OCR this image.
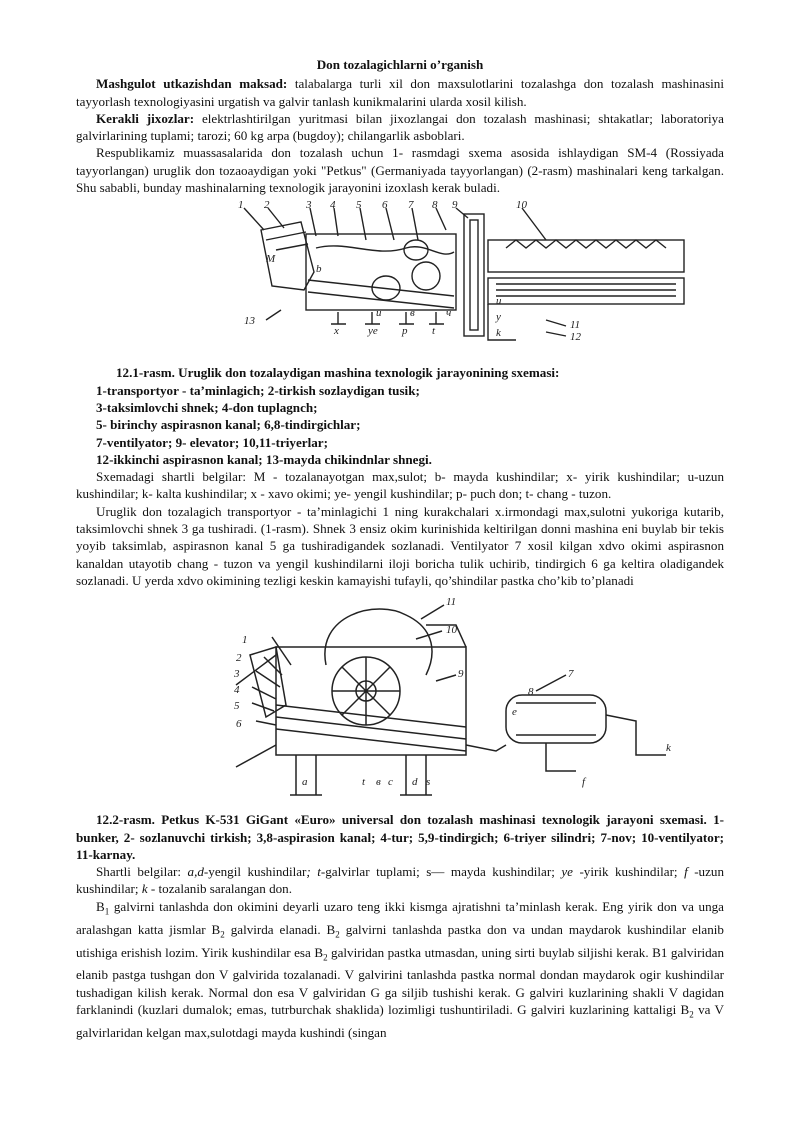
Don tozalagichlarni o’rganish

Mashgulot utkazishdan maksad: talabalarga turli xil don maxsulotlarini tozalashga don tozalash mashinasini tayyorlash texnologiyasini urgatish va galvir tanlash kunikmalarini ularda xosil kilish.

Kerakli jixozlar: elektrlashtirilgan yuritmasi bilan jixozlangai don tozalash mashinasi; shtakatlar; laboratoriya galvirlarining tuplami; tarozi; 60 kg arpa (bugdoy); chilangarlik asboblari.

Respublikamiz muassasalarida don tozalash uchun 1- rasmdagi sxema asosida ishlaydigan SM-4 (Rossiyada tayyorlangan) uruglik don tozaoaydigan yoki "Petkus" (Germaniyada tayyorlangan) (2-rasm) mashinalari keng tarkalgan. Shu sababli, bunday mashinalarning texnologik jarayonini izoxlash kerak buladi.

1 2	3 4 5 6 7 8 9	10
11
12
13
M
x
у
ye	k
p
b
t
u
в	ч
и

12.1-rasm. Uruglik don tozalaydigan mashina texnologik jarayonining sxemasi:

1-transportyor - ta’minlagich; 2-tirkish sozlaydigan tusik;
3-taksimlovchi shnek; 4-don tuplagnch;
5- birinchy aspirasnon kanal; 6,8-tindirgichlar;
7-ventilyator; 9- elevator; 10,11-triyerlar;
12-ikkinchi aspirasnon kanal; 13-mayda chikindnlar shnegi.

Sxemadagi shartli belgilar: M - tozalanayotgan max,sulot; b- mayda kushindilar; x- yirik kushindilar; u-uzun kushindilar; k- kalta kushindilar; x - xavo okimi; ye- yengil kushindilar; p- puch don; t- chang - tuzon.

Uruglik don tozalagich transportyor - ta’minlagichi 1 ning kurakchalari x.irmondagi max,sulotni yukoriga kutarib, taksimlovchi shnek 3 ga tushiradi. (1-rasm). Shnek 3 ensiz okim kurinishida keltirilgan donni mashina eni buylab bir tekis yoyib taksimlab, aspirasnon kanal 5 ga tushiradigandek sozlanadi. Ventilyator 7 xosil kilgan xdvo okimi aspirasnon kanaldan utayotib chang - tuzon va yengil kushindilarni iloji boricha tulik uchirib, tindirgich 6 ga keltira oladigandek sozlanadi. U yerda xdvo okimining tezligi keskin kamayishi tufayli, qo’shindilar pastka cho’kib to’planadi

1
2
3
4
5
6
7
8
9
10
11
a	в c d
e
f
t
k
s

12.2-rasm. Petkus K-531 GiGant «Euro» universal don tozalash mashinasi texnologik jarayoni sxemasi. 1-bunker, 2- sozlanuvchi tirkish; 3,8-aspirasion kanal; 4-tur; 5,9-tindirgich; 6-triyer silindri; 7-nov; 10-ventilyator; 11-karnay.

Shartli belgilar: a,d-yengil kushindilar; t-galvirlar tuplami; s— mayda kushindilar; ye -yirik kushindilar; f -uzun kushindilar; k - tozalanib saralangan don.

$B_1$ galvirni tanlashda don okimini deyarli uzaro teng ikki kismga ajratishni ta’minlash kerak. Eng yirik don va unga aralashgan katta jismlar $B_2$ galvirda elanadi. $B_2$ galvirni tanlashda pastka don va undan maydarok kushindilar elanib utishiga erishish lozim. Yirik kushindilar esa $B_2$ galviridan pastka utmasdan, uning sirti buylab siljishi kerak. B1 galviridan elanib pastga tushgan don V galvirida tozalanadi. V galvirini tanlashda pastka normal dondan maydarok ogir kushindilar tushadigan kilish kerak. Normal don esa V galviridan G ga siljib tushishi kerak. G galviri kuzlarining shakli V dagidan farklanindi (kuzlari dumalok; emas, tutrburchak shaklida) lozimligi tushuntiriladi. G galviri kuzlarining kattaligi $B_2$ va V galvirlaridan kelgan max,sulotdagi mayda kushindi (singan
